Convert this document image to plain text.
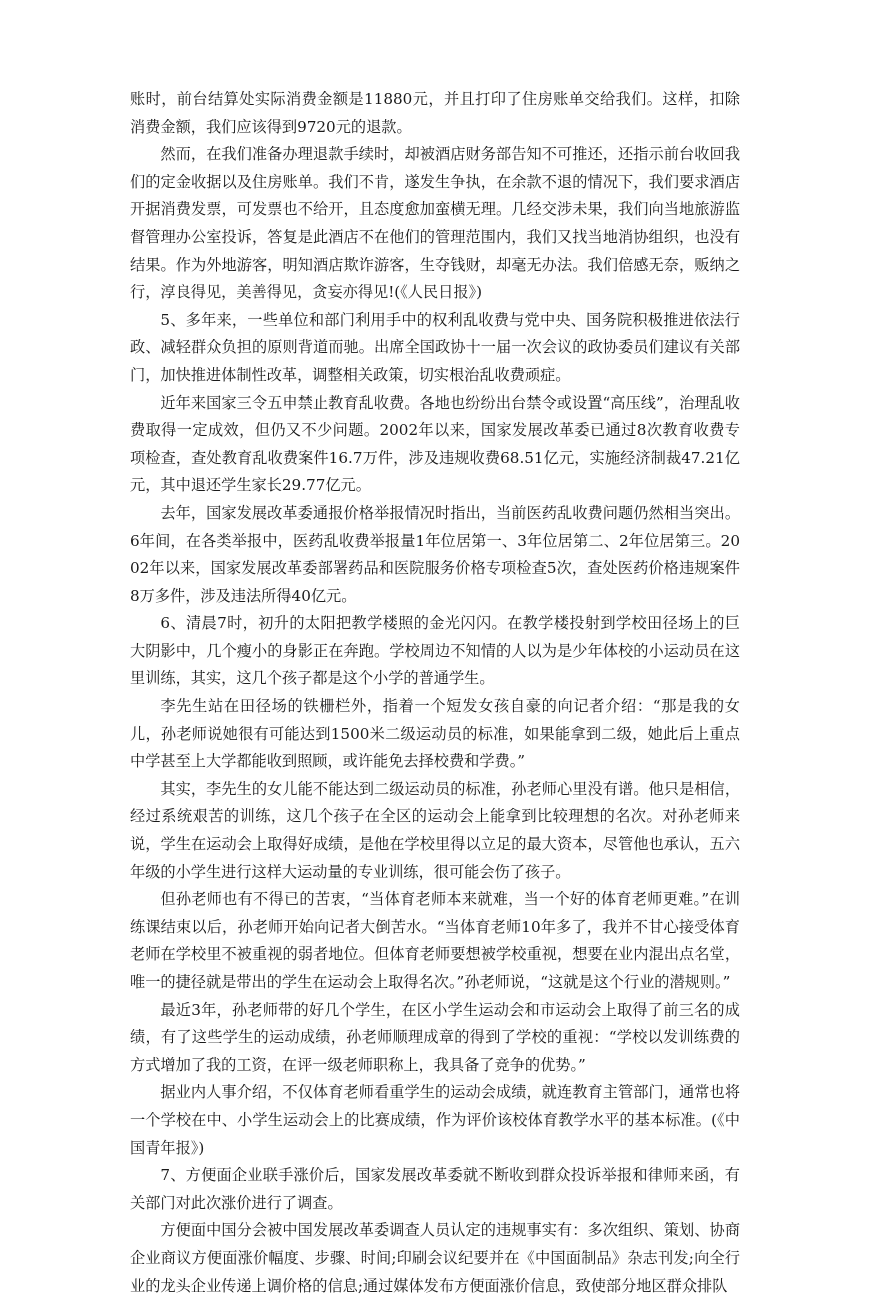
账时，前台结算处实际消费金额是11880元，并且打印了住房账单交给我们。这样，扣除消费金额，我们应该得到9720元的退款。

然而，在我们准备办理退款手续时，却被酒店财务部告知不可推还，还指示前台收回我们的定金收据以及住房账单。我们不肯，遂发生争执，在余款不退的情况下，我们要求酒店开据消费发票，可发票也不给开，且态度愈加蛮横无理。几经交涉未果，我们向当地旅游监督管理办公室投诉，答复是此酒店不在他们的管理范围内，我们又找当地消协组织，也没有结果。作为外地游客，明知酒店欺诈游客，生夺钱财，却毫无办法。我们倍感无奈，贩纳之行，淳良得见，美善得见，贪妄亦得见!(《人民日报》)

5、多年来，一些单位和部门利用手中的权利乱收费与党中央、国务院积极推进依法行政、减轻群众负担的原则背道而驰。出席全国政协十一届一次会议的政协委员们建议有关部门，加快推进体制性改革，调整相关政策，切实根治乱收费顽症。

近年来国家三令五申禁止教育乱收费。各地也纷纷出台禁令或设置“高压线”，治理乱收费取得一定成效，但仍又不少问题。2002年以来，国家发展改革委已通过8次教育收费专项检查，查处教育乱收费案件16.7万件，涉及违规收费68.51亿元，实施经济制裁47.21亿元，其中退还学生家长29.77亿元。

去年，国家发展改革委通报价格举报情况时指出，当前医药乱收费问题仍然相当突出。6年间，在各类举报中，医药乱收费举报量1年位居第一、3年位居第二、2年位居第三。2002年以来，国家发展改革委部署药品和医院服务价格专项检查5次，查处医药价格违规案件8万多件，涉及违法所得40亿元。

6、清晨7时，初升的太阳把教学楼照的金光闪闪。在教学楼投射到学校田径场上的巨大阴影中，几个瘦小的身影正在奔跑。学校周边不知情的人以为是少年体校的小运动员在这里训练，其实，这几个孩子都是这个小学的普通学生。

李先生站在田径场的铁栅栏外，指着一个短发女孩自豪的向记者介绍：“那是我的女儿，孙老师说她很有可能达到1500米二级运动员的标准，如果能拿到二级，她此后上重点中学甚至上大学都能收到照顾，或许能免去择校费和学费。”

其实，李先生的女儿能不能达到二级运动员的标准，孙老师心里没有谱。他只是相信，经过系统艰苦的训练，这几个孩子在全区的运动会上能拿到比较理想的名次。对孙老师来说，学生在运动会上取得好成绩，是他在学校里得以立足的最大资本，尽管他也承认，五六年级的小学生进行这样大运动量的专业训练，很可能会伤了孩子。

但孙老师也有不得已的苦衷，“当体育老师本来就难，当一个好的体育老师更难。”在训练课结束以后，孙老师开始向记者大倒苦水。“当体育老师10年多了，我并不甘心接受体育老师在学校里不被重视的弱者地位。但体育老师要想被学校重视，想要在业内混出点名堂，唯一的捷径就是带出的学生在运动会上取得名次。”孙老师说，“这就是这个行业的潜规则。”

最近3年，孙老师带的好几个学生，在区小学生运动会和市运动会上取得了前三名的成绩，有了这些学生的运动成绩，孙老师顺理成章的得到了学校的重视：“学校以发训练费的方式增加了我的工资，在评一级老师职称上，我具备了竞争的优势。”

据业内人事介绍，不仅体育老师看重学生的运动会成绩，就连教育主管部门，通常也将一个学校在中、小学生运动会上的比赛成绩，作为评价该校体育教学水平的基本标准。(《中国青年报》)

7、方便面企业联手涨价后，国家发展改革委就不断收到群众投诉举报和律师来函，有关部门对此次涨价进行了调查。

方便面中国分会被中国发展改革委调查人员认定的违规事实有：多次组织、策划、协商企业商议方便面涨价幅度、步骤、时间;印刷会议纪要并在《中国面制品》杂志刊发;向全行业的龙头企业传递上调价格的信息;通过媒体发布方便面涨价信息，致使部分地区群众排队
